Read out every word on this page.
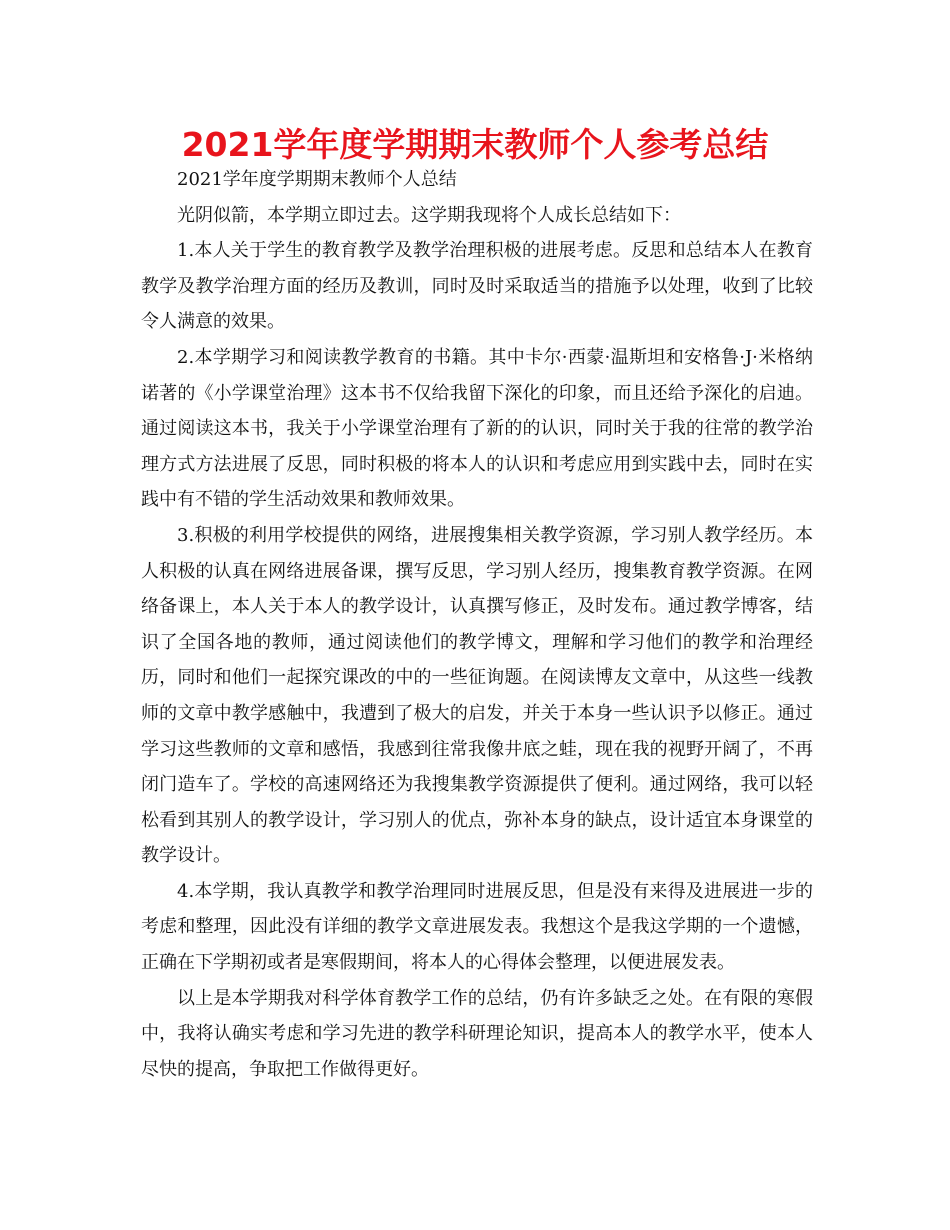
2021学年度学期期末教师个人参考总结

2021学年度学期期末教师个人总结

光阴似箭，本学期立即过去。这学期我现将个人成长总结如下：

1.本人关于学生的教育教学及教学治理积极的进展考虑。反思和总结本人在教育教学及教学治理方面的经历及教训，同时及时采取适当的措施予以处理，收到了比较令人满意的效果。

2.本学期学习和阅读教学教育的书籍。其中卡尔·西蒙·温斯坦和安格鲁·J·米格纳诺著的《小学课堂治理》这本书不仅给我留下深化的印象，而且还给予深化的启迪。通过阅读这本书，我关于小学课堂治理有了新的的认识，同时关于我的往常的教学治理方式方法进展了反思，同时积极的将本人的认识和考虑应用到实践中去，同时在实践中有不错的学生活动效果和教师效果。

3.积极的利用学校提供的网络，进展搜集相关教学资源，学习别人教学经历。本人积极的认真在网络进展备课，撰写反思，学习别人经历，搜集教育教学资源。在网络备课上，本人关于本人的教学设计，认真撰写修正，及时发布。通过教学博客，结识了全国各地的教师，通过阅读他们的教学博文，理解和学习他们的教学和治理经历，同时和他们一起探究课改的中的一些征询题。在阅读博友文章中，从这些一线教师的文章中教学感触中，我遭到了极大的启发，并关于本身一些认识予以修正。通过学习这些教师的文章和感悟，我感到往常我像井底之蛙，现在我的视野开阔了，不再闭门造车了。学校的高速网络还为我搜集教学资源提供了便利。通过网络，我可以轻松看到其别人的教学设计，学习别人的优点，弥补本身的缺点，设计适宜本身课堂的教学设计。

4.本学期，我认真教学和教学治理同时进展反思，但是没有来得及进展进一步的考虑和整理，因此没有详细的教学文章进展发表。我想这个是我这学期的一个遗憾，正确在下学期初或者是寒假期间，将本人的心得体会整理，以便进展发表。

以上是本学期我对科学体育教学工作的总结，仍有许多缺乏之处。在有限的寒假中，我将认确实考虑和学习先进的教学科研理论知识，提高本人的教学水平，使本人尽快的提高，争取把工作做得更好。
